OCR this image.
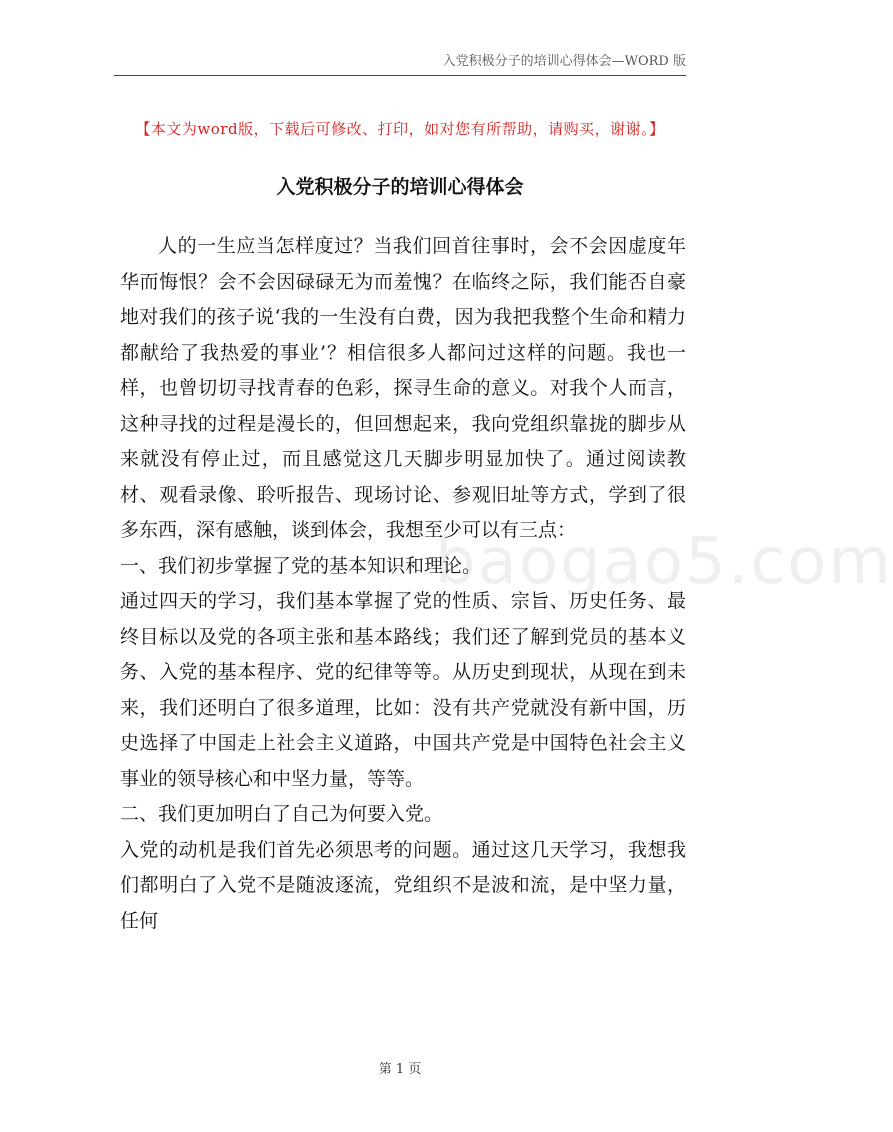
入党积极分子的培训心得体会—WORD 版
【本文为word版，下载后可修改、打印，如对您有所帮助，请购买，谢谢。】
入党积极分子的培训心得体会

人的一生应当怎样度过？当我们回首往事时，会不会因虚度年华而悔恨？会不会因碌碌无为而羞愧？在临终之际，我们能否自豪地对我们的孩子说‘我的一生没有白费，因为我把我整个生命和精力都献给了我热爱的事业’？相信很多人都问过这样的问题。我也一样，也曾切切寻找青春的色彩，探寻生命的意义。对我个人而言，这种寻找的过程是漫长的，但回想起来，我向党组织靠拢的脚步从来就没有停止过，而且感觉这几天脚步明显加快了。通过阅读教材、观看录像、聆听报告、现场讨论、参观旧址等方式，学到了很多东西，深有感触，谈到体会，我想至少可以有三点：

一、我们初步掌握了党的基本知识和理论。

通过四天的学习，我们基本掌握了党的性质、宗旨、历史任务、最终目标以及党的各项主张和基本路线；我们还了解到党员的基本义务、入党的基本程序、党的纪律等等。从历史到现状，从现在到未来，我们还明白了很多道理，比如：没有共产党就没有新中国，历史选择了中国走上社会主义道路，中国共产党是中国特色社会主义事业的领导核心和中坚力量，等等。

二、我们更加明白了自己为何要入党。

入党的动机是我们首先必须思考的问题。通过这几天学习，我想我们都明白了入党不是随波逐流，党组织不是波和流，是中坚力量，任何

baogao5.com
第 1 页
